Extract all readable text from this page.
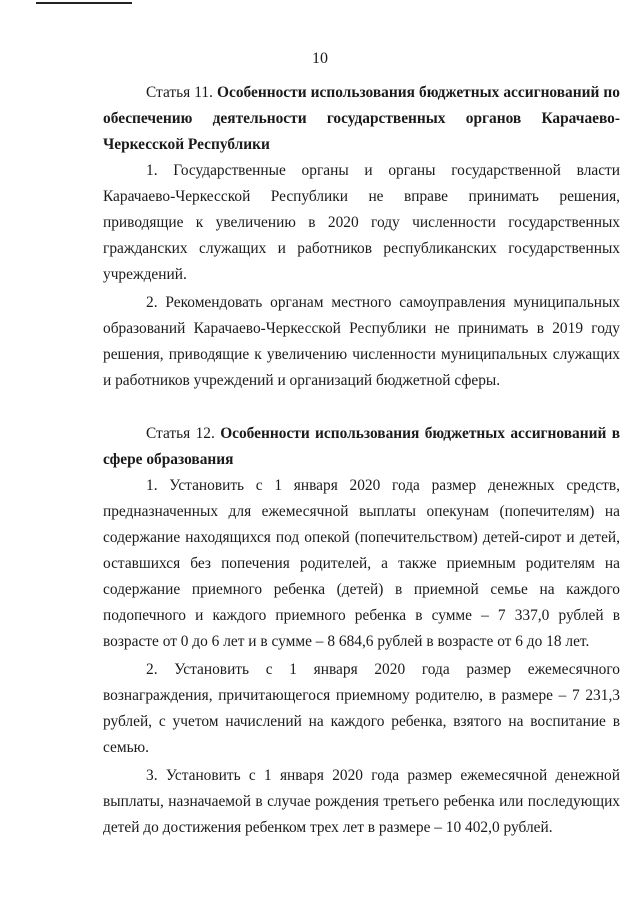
10

Статья 11. Особенности использования бюджетных ассигнований по обеспечению деятельности государственных органов Карачаево-Черкесской Республики

1. Государственные органы и органы государственной власти Карачаево-Черкесской Республики не вправе принимать решения, приводящие к увеличению в 2020 году численности государственных гражданских служащих и работников республиканских государственных учреждений.

2. Рекомендовать органам местного самоуправления муниципальных образований Карачаево-Черкесской Республики не принимать в 2019 году решения, приводящие к увеличению численности муниципальных служащих и работников учреждений и организаций бюджетной сферы.

Статья 12. Особенности использования бюджетных ассигнований в сфере образования

1. Установить с 1 января 2020 года размер денежных средств, предназначенных для ежемесячной выплаты опекунам (попечителям) на содержание находящихся под опекой (попечительством) детей-сирот и детей, оставшихся без попечения родителей, а также приемным родителям на содержание приемного ребенка (детей) в приемной семье на каждого подопечного и каждого приемного ребенка в сумме – 7 337,0 рублей в возрасте от 0 до 6 лет и в сумме – 8 684,6 рублей в возрасте от 6 до 18 лет.

2. Установить с 1 января 2020 года размер ежемесячного вознаграждения, причитающегося приемному родителю, в размере – 7 231,3 рублей, с учетом начислений на каждого ребенка, взятого на воспитание в семью.

3. Установить с 1 января 2020 года размер ежемесячной денежной выплаты, назначаемой в случае рождения третьего ребенка или последующих детей до достижения ребенком трех лет в размере – 10 402,0 рублей.
